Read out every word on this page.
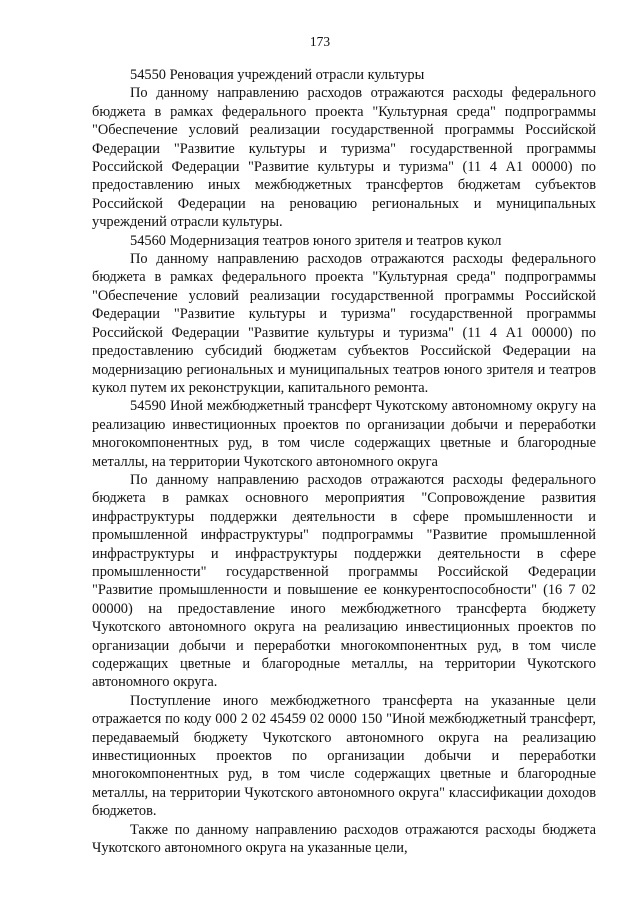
173

54550 Реновация учреждений отрасли культуры

По данному направлению расходов отражаются расходы федерального бюджета в рамках федерального проекта "Культурная среда" подпрограммы "Обеспечение условий реализации государственной программы Российской Федерации "Развитие культуры и туризма" государственной программы Российской Федерации "Развитие культуры и туризма" (11 4 A1 00000) по предоставлению иных межбюджетных трансфертов бюджетам субъектов Российской Федерации на реновацию региональных и муниципальных учреждений отрасли культуры.

54560 Модернизация театров юного зрителя и театров кукол

По данному направлению расходов отражаются расходы федерального бюджета в рамках федерального проекта "Культурная среда" подпрограммы "Обеспечение условий реализации государственной программы Российской Федерации "Развитие культуры и туризма" государственной программы Российской Федерации "Развитие культуры и туризма" (11 4 A1 00000) по предоставлению субсидий бюджетам субъектов Российской Федерации на модернизацию региональных и муниципальных театров юного зрителя и театров кукол путем их реконструкции, капитального ремонта.

54590 Иной межбюджетный трансферт Чукотскому автономному округу на реализацию инвестиционных проектов по организации добычи и переработки многокомпонентных руд, в том числе содержащих цветные и благородные металлы, на территории Чукотского автономного округа

По данному направлению расходов отражаются расходы федерального бюджета в рамках основного мероприятия "Сопровождение развития инфраструктуры поддержки деятельности в сфере промышленности и промышленной инфраструктуры" подпрограммы "Развитие промышленной инфраструктуры и инфраструктуры поддержки деятельности в сфере промышленности" государственной программы Российской Федерации "Развитие промышленности и повышение ее конкурентоспособности" (16 7 02 00000) на предоставление иного межбюджетного трансферта бюджету Чукотского автономного округа на реализацию инвестиционных проектов по организации добычи и переработки многокомпонентных руд, в том числе содержащих цветные и благородные металлы, на территории Чукотского автономного округа.

Поступление иного межбюджетного трансферта на указанные цели отражается по коду 000 2 02 45459 02 0000 150 "Иной межбюджетный трансферт, передаваемый бюджету Чукотского автономного округа на реализацию инвестиционных проектов по организации добычи и переработки многокомпонентных руд, в том числе содержащих цветные и благородные металлы, на территории Чукотского автономного округа" классификации доходов бюджетов.

Также по данному направлению расходов отражаются расходы бюджета Чукотского автономного округа на указанные цели,
